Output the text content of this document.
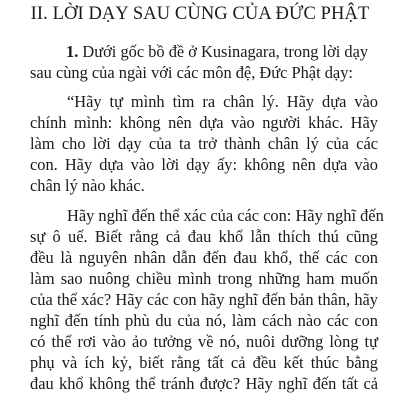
II. LỜI DẠY SAU CÙNG CỦA ĐỨC PHẬT
1. Dưới gốc bồ đề ở Kusinagara, trong lời dạy
sau cùng của ngài với các môn đệ, Đức Phật dạy:
“Hãy tự mình tìm ra chân lý. Hãy dựa vào
chính mình: không nên dựa vào người khác. Hãy
làm cho lời dạy của ta trở thành chân lý của các
con. Hãy dựa vào lời dạy ấy: không nên dựa vào
chân lý nào khác.
Hãy nghĩ đến thể xác của các con: Hãy nghĩ đến
sự ô uế. Biết rằng cả đau khổ lẫn thích thú cũng
đều là nguyên nhân dẫn đến đau khổ, thế các con
làm sao nuông chiều mình trong những ham muốn
của thể xác? Hãy các con hãy nghĩ đến bản thân, hãy
nghĩ đến tính phù du của nó, làm cách nào các con
có thể rơi vào ảo tưởng về nó, nuôi dưỡng lòng tự
phụ và ích kỷ, biết rằng tất cả đều kết thúc bằng
đau khổ không thể tránh được? Hãy nghĩ đến tất cả
